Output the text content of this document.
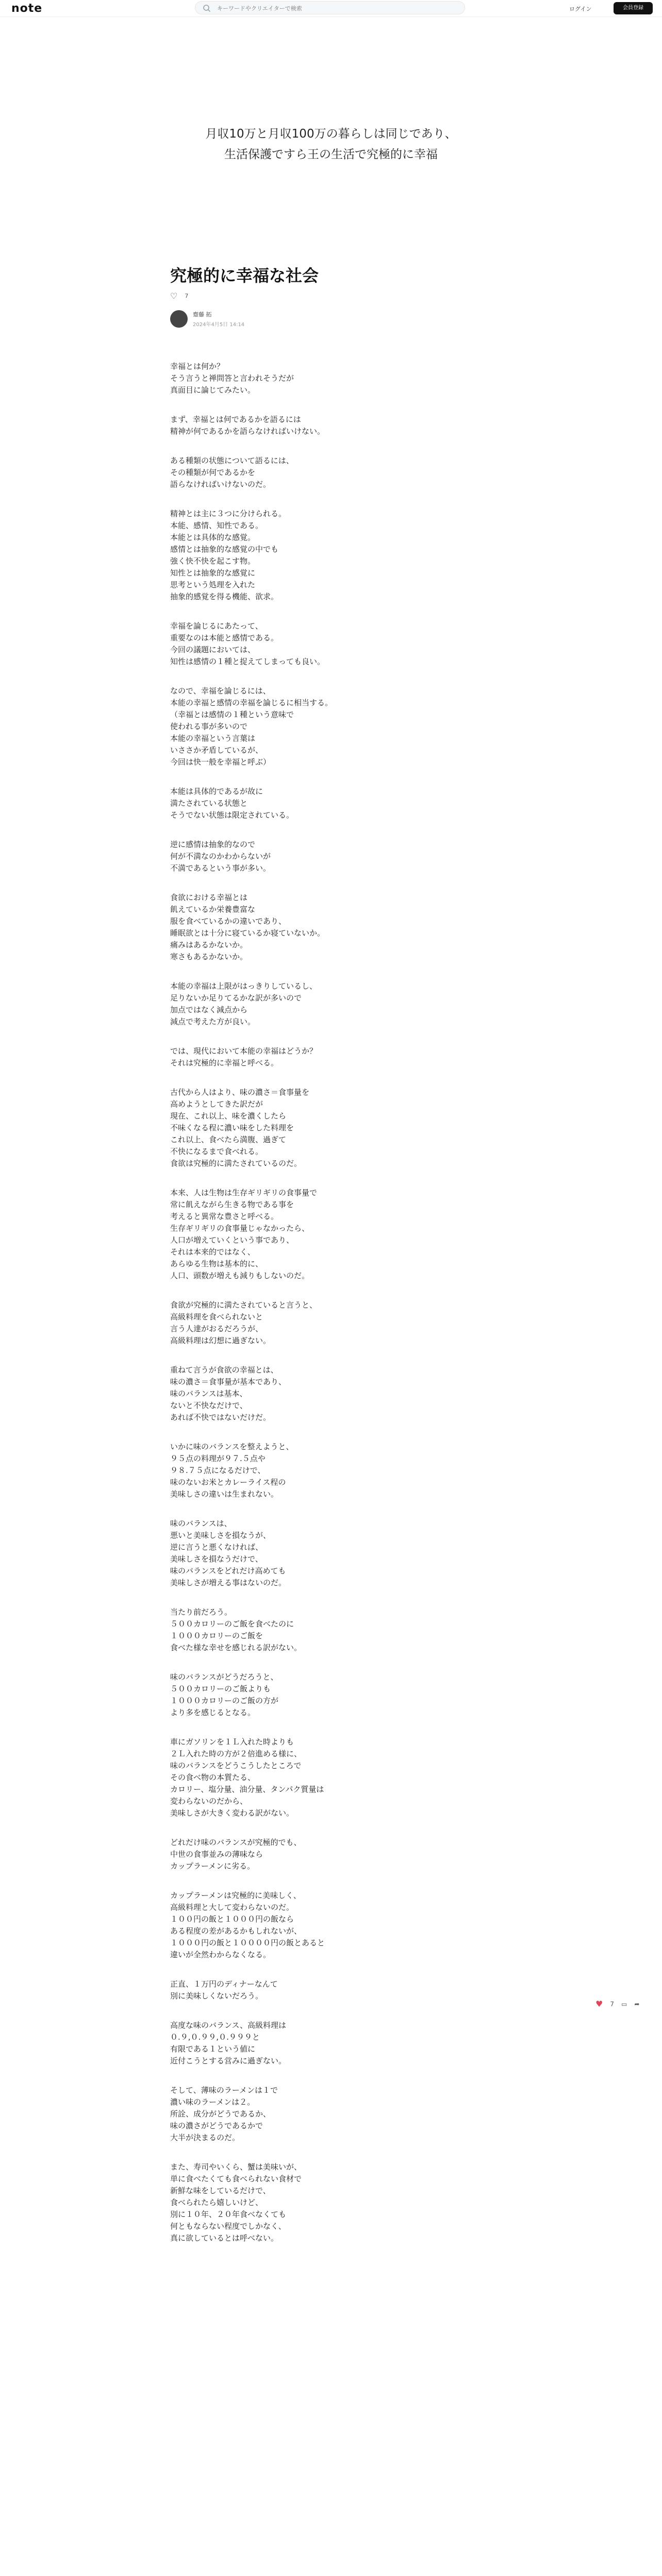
note
キーワードやクリエイターで検索	ログイン	会員登録
月収10万と月収100万の暮らしは同じであり、
生活保護ですら王の生活で究極的に幸福
究極的に幸福な社会
♡ 7
齋藤 拓
2024年4月5日 14:14
幸福とは何か？
そう言うと禅問答と言われそうだが
真面目に論じてみたい。
まず、幸福とは何であるかを語るには
精神が何であるかを語らなければいけない。
ある種類の状態について語るには、
その種類が何であるかを
語らなければいけないのだ。
精神とは主に３つに分けられる。
本能、感情、知性である。
本能とは具体的な感覚。
感情とは抽象的な感覚の中でも
強く快不快を起こす物。
知性とは抽象的な感覚に
思考という処理を入れた
抽象的感覚を得る機能、欲求。
幸福を論じるにあたって、
重要なのは本能と感情である。
今回の議題においては、
知性は感情の１種と捉えてしまっても良い。
なので、幸福を論じるには、
本能の幸福と感情の幸福を論じるに相当する。
（幸福とは感情の１種という意味で
使われる事が多いので
本能の幸福という言葉は
いささか矛盾しているが、
今回は快一般を幸福と呼ぶ）
本能は具体的であるが故に
満たされている状態と
そうでない状態は限定されている。
逆に感情は抽象的なので
何が不満なのかわからないが
不満であるという事が多い。
食欲における幸福とは
飢えているか栄養豊富な
服を食べているかの違いであり、
睡眠欲とは十分に寝ているか寝ていないか。
痛みはあるかないか。
寒さもあるかないか。
本能の幸福は上限がはっきりしているし、
足りないか足りてるかな訳が多いので
加点ではなく減点から
減点で考えた方が良い。
では、現代において本能の幸福はどうか？
それは究極的に幸福と呼べる。
古代から人はより、味の濃さ＝食事量を
高めようとしてきた訳だが
現在、これ以上、味を濃くしたら
不味くなる程に濃い味をした料理を
これ以上、食べたら満腹、過ぎて
不快になるまで食べれる。
食欲は究極的に満たされているのだ。
本来、人は生物は生存ギリギリの食事量で
常に飢えながら生きる物である事を
考えると異常な豊さと呼べる。
生存ギリギリの食事量じゃなかったら、
人口が増えていくという事であり、
それは本来的ではなく、
あらゆる生物は基本的に、
人口、頭数が増えも減りもしないのだ。
食欲が究極的に満たされていると言うと、
高級料理を食べられないと
言う人達がおるだろうが、
高級料理は幻想に過ぎない。
重ねて言うが食欲の幸福とは、
味の濃さ＝食事量が基本であり、
味のバランスは基本、
ないと不快なだけで、
あれば不快ではないだけだ。
いかに味のバランスを整えようと、
９５点の料理が９７.５点や
９８.７５点になるだけで、
味のないお米とカレーライス程の
美味しさの違いは生まれない。
味のバランスは、
悪いと美味しさを損なうが、
逆に言うと悪くなければ、
美味しさを損なうだけで、
味のバランスをどれだけ高めても
美味しさが増える事はないのだ。
当たり前だろう。
５００カロリーのご飯を食べたのに
１０００カロリーのご飯を
食べた様な幸せを感じれる訳がない。
味のバランスがどうだろうと、
５００カロリーのご飯よりも
１０００カロリーのご飯の方が
より多を感じるとなる。
車にガソリンを１Ｌ入れた時よりも
２Ｌ入れた時の方が２倍進める様に、
味のバランスをどうこうしたところで
その食べ物の本質たる、
カロリー、塩分量、油分量、タンパク質量は
変わらないのだから、
美味しさが大きく変わる訳がない。
どれだけ味のバランスが究極的でも、
中世の食事並みの薄味なら
カップラーメンに劣る。
カップラーメンは究極的に美味しく、
高級料理と大して変わらないのだ。
１００円の飯と１０００円の飯なら
ある程度の差があるかもしれないが、
１０００円の飯と１００００円の飯とあると
違いが全然わからなくなる。
正直、１万円のディナーなんて
別に美味しくないだろう。
高度な味のバランス、高級料理は
０.９,０.９９,０.９９９と
有限である１という値に
近付こうとする営みに過ぎない。
そして、薄味のラーメンは１で
濃い味のラーメンは２。
所詮、成分がどうであるか、
味の濃さがどうであるかで
大半が決まるのだ。
また、寿司やいくら、蟹は美味いが、
単に食べたくても食べられない食材で
新鮮な味をしているだけで、
食べられたら嬉しいけど、
別に１０年、２０年食べなくても
何ともならない程度でしかなく、
真に欲しているとは呼べない。
♥ 7 ▭ ➦
